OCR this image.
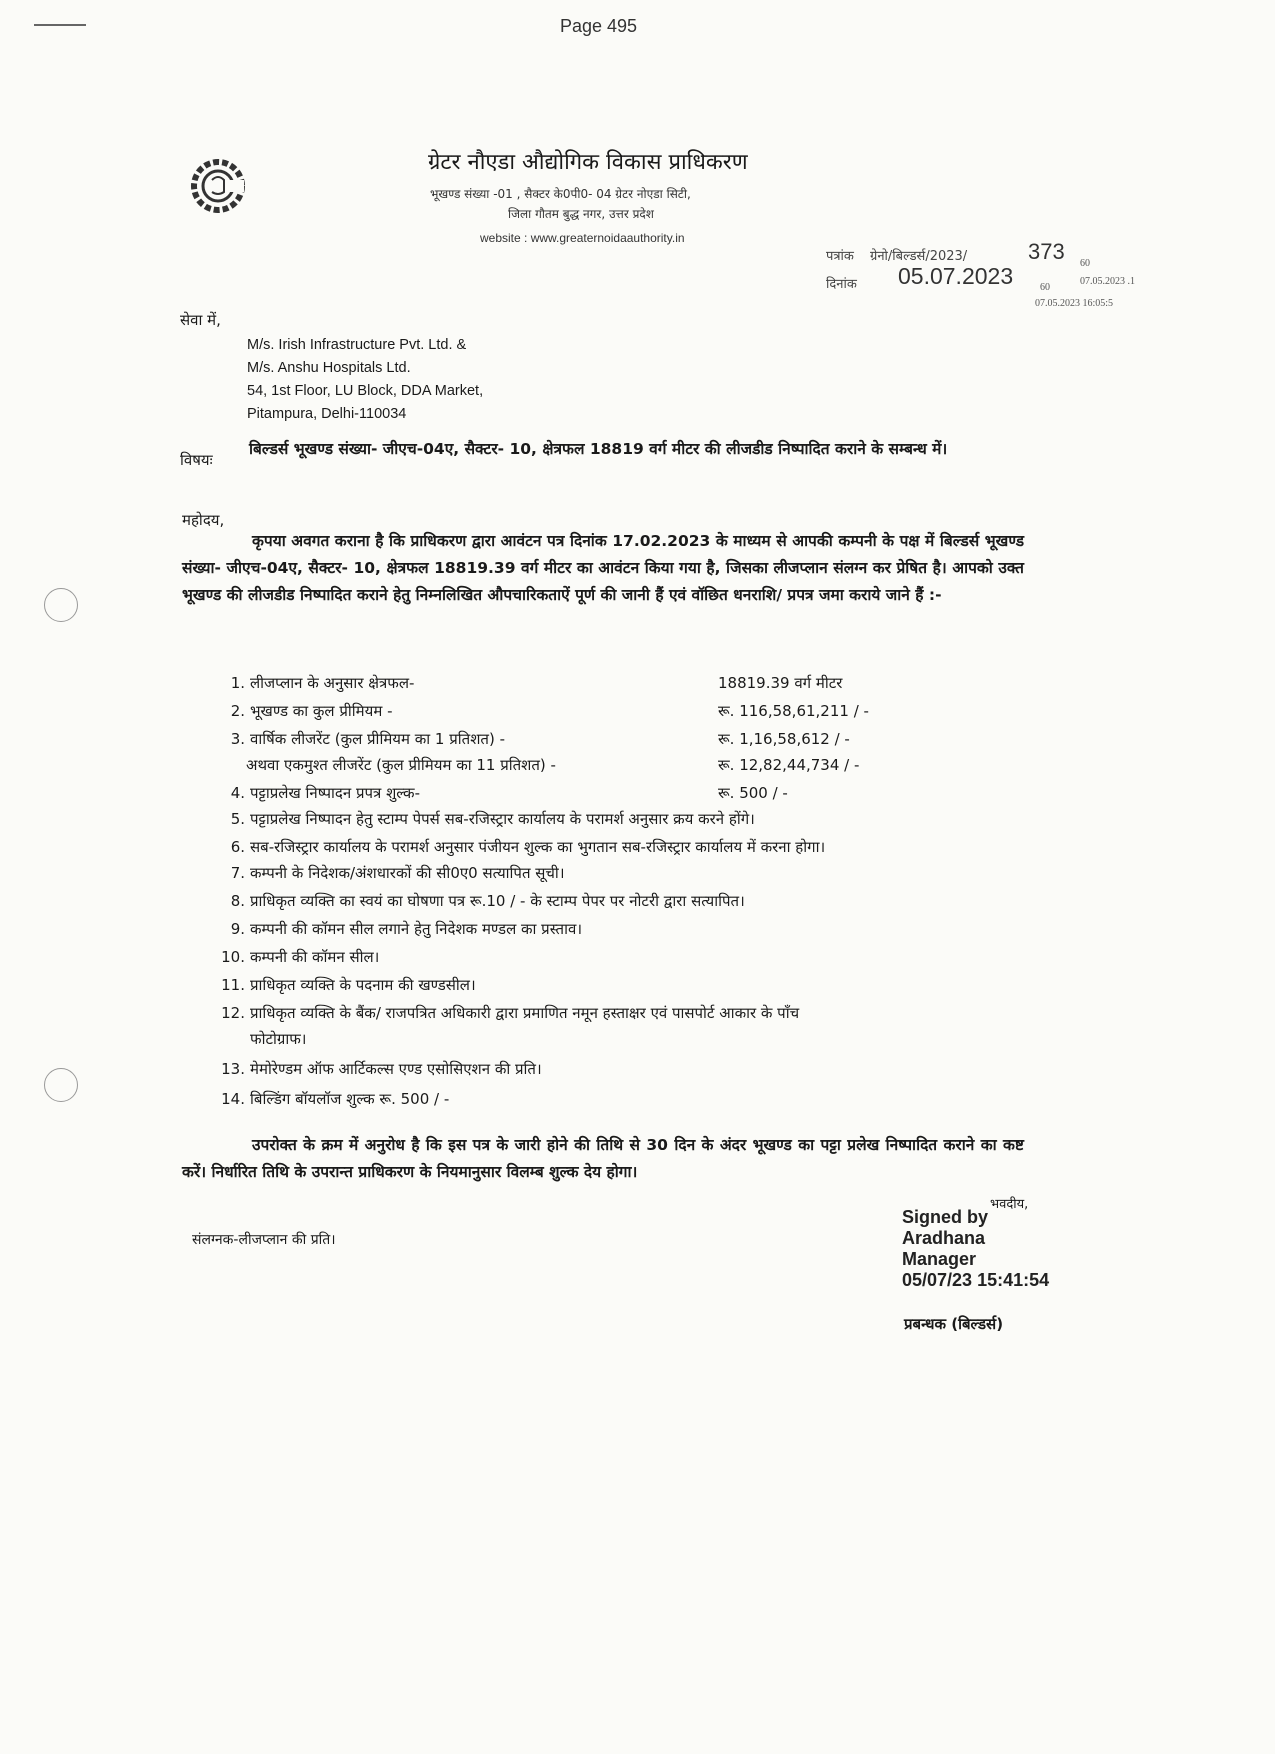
Page 495
ग्रेटर नौएडा औद्योगिक विकास प्राधिकरण
भूखण्ड संख्या -01 , सैक्टर के0पी0- 04 ग्रेटर नोएडा सिटी,
जिला गौतम बुद्ध नगर, उत्तर प्रदेश
website : www.greaternoidaauthority.in
पत्रांक ग्रेनो/बिल्डर्स/2023/	373
दिनांक 05.07.2023	60
07.05.2023 .1
60
07.05.2023 16:05:5
सेवा में,
M/s. Irish Infrastructure Pvt. Ltd. &
M/s. Anshu Hospitals Ltd.
54, 1st Floor, LU Block, DDA Market,
Pitampura, Delhi-110034
विषयः
बिल्डर्स भूखण्ड संख्या- जीएच-04ए, सैक्टर- 10, क्षेत्रफल 18819 वर्ग मीटर की लीजडीड निष्पादित कराने के सम्बन्ध में।
महोदय,
कृपया अवगत कराना है कि प्राधिकरण द्वारा आवंटन पत्र दिनांक 17.02.2023 के माध्यम से आपकी कम्पनी के पक्ष में बिल्डर्स भूखण्ड संख्या- जीएच-04ए, सैक्टर- 10, क्षेत्रफल 18819.39 वर्ग मीटर का आवंटन किया गया है, जिसका लीजप्लान संलग्न कर प्रेषित है। आपको उक्त भूखण्ड की लीजडीड निष्पादित कराने हेतु निम्नलिखित औपचारिकताऐं पूर्ण की जानी हैं एवं वॉछित धनराशि/ प्रपत्र जमा कराये जाने हैं :-
1. लीजप्लान के अनुसार क्षेत्रफल-	18819.39 वर्ग मीटर
2. भूखण्ड का कुल प्रीमियम -	रू. 116,58,61,211 / -
3. वार्षिक लीजरेंट (कुल प्रीमियम का 1 प्रतिशत) -	रू. 1,16,58,612 / -
अथवा एकमुश्त लीजरेंट (कुल प्रीमियम का 11 प्रतिशत) -	रू. 12,82,44,734 / -
4. पट्टाप्रलेख निष्पादन प्रपत्र शुल्क-	रू. 500 / -
5. पट्टाप्रलेख निष्पादन हेतु स्टाम्प पेपर्स सब-रजिस्ट्रार कार्यालय के परामर्श अनुसार क्रय करने होंगे।
6. सब-रजिस्ट्रार कार्यालय के परामर्श अनुसार पंजीयन शुल्क का भुगतान सब-रजिस्ट्रार कार्यालय में करना होगा।
7. कम्पनी के निदेशक/अंशधारकों की सी0ए0 सत्यापित सूची।
8. प्राधिकृत व्यक्ति का स्वयं का घोषणा पत्र रू.10 / - के स्टाम्प पेपर पर नोटरी द्वारा सत्यापित।
9. कम्पनी की कॉमन सील लगाने हेतु निदेशक मण्डल का प्रस्ताव।
10. कम्पनी की कॉमन सील।
11. प्राधिकृत व्यक्ति के पदनाम की खण्डसील।
12. प्राधिकृत व्यक्ति के बैंक/ राजपत्रित अधिकारी द्वारा प्रमाणित नमून हस्ताक्षर एवं पासपोर्ट आकार के पाँच
फोटोग्राफ।
13. मेमोरेण्डम ऑफ आर्टिकल्स एण्ड एसोसिएशन की प्रति।
14. बिल्डिंग बॉयलॉज शुल्क रू. 500 / -
उपरोक्त के क्रम में अनुरोध है कि इस पत्र के जारी होने की तिथि से 30 दिन के अंदर भूखण्ड का पट्टा प्रलेख निष्पादित कराने का कष्ट करें। निर्धारित तिथि के उपरान्त प्राधिकरण के नियमानुसार विलम्ब शुल्क देय होगा।
भवदीय,
संलग्नक-लीजप्लान की प्रति।
Signed by
Aradhana
Manager
05/07/23 15:41:54
प्रबन्धक (बिल्डर्स)
